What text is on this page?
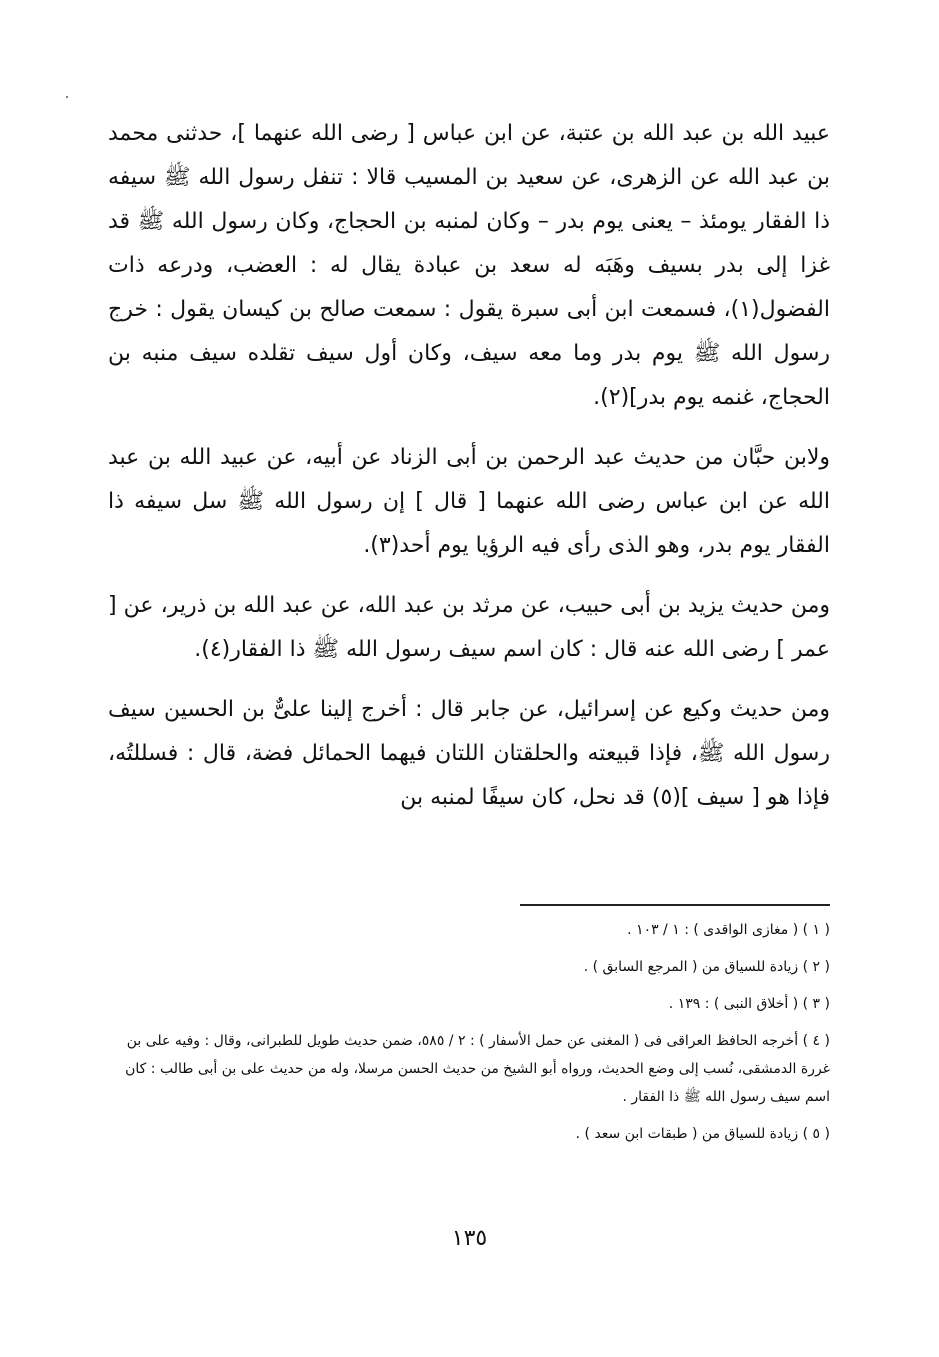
عبيد الله بن عبد الله بن عتبة، عن ابن عباس [ رضى الله عنهما ]، حدثنى محمد بن عبد الله عن الزهرى، عن سعيد بن المسيب قالا : تنفل رسول الله ﷺ سيفه ذا الفقار يومئذ – يعنى يوم بدر – وكان لمنبه بن الحجاج، وكان رسول الله ﷺ قد غزا إلى بدر بسيف وهَبَه له سعد بن عبادة يقال له : العضب، ودرعه ذات الفضول(١)، فسمعت ابن أبى سبرة يقول : سمعت صالح بن كيسان يقول : خرج رسول الله ﷺ يوم بدر وما معه سيف، وكان أول سيف تقلده سيف منبه بن الحجاج، غنمه يوم بدر](٢).

ولابن حبَّان من حديث عبد الرحمن بن أبى الزناد عن أبيه، عن عبيد الله بن عبد الله عن ابن عباس رضى الله عنهما [ قال ] إن رسول الله ﷺ سل سيفه ذا الفقار يوم بدر، وهو الذى رأى فيه الرؤيا يوم أحد(٣).

ومن حديث يزيد بن أبى حبيب، عن مرثد بن عبد الله، عن عبد الله بن ذرير، عن [ عمر ] رضى الله عنه قال : كان اسم سيف رسول الله ﷺ ذا الفقار(٤).

ومن حديث وكيع عن إسرائيل، عن جابر قال : أخرج إلينا علىٌّ بن الحسين سيف رسول الله ﷺ، فإذا قبيعته والحلقتان اللتان فيهما الحمائل فضة، قال : فسللتُه، فإذا هو [ سيف ](٥) قد نحل، كان سيفًا لمنبه بن

( ١ ) ( مغازى الواقدى ) : ١ / ١٠٣ .
( ٢ ) زيادة للسياق من ( المرجع السابق ) .
( ٣ ) ( أخلاق النبى ) : ١٣٩ .
( ٤ ) أخرجه الحافظ العراقى فى ( المغنى عن حمل الأسفار ) : ٢ / ٥٨٥، ضمن حديث طويل للطبرانى، وقال : وفيه على بن غررة الدمشقى، نُسب إلى وضع الحديث، ورواه أبو الشيخ من حديث الحسن مرسلا، وله من حديث على بن أبى طالب : كان اسم سيف رسول الله ﷺ ذا الفقار .
( ٥ ) زيادة للسياق من ( طبقات ابن سعد ) .
١٣٥
